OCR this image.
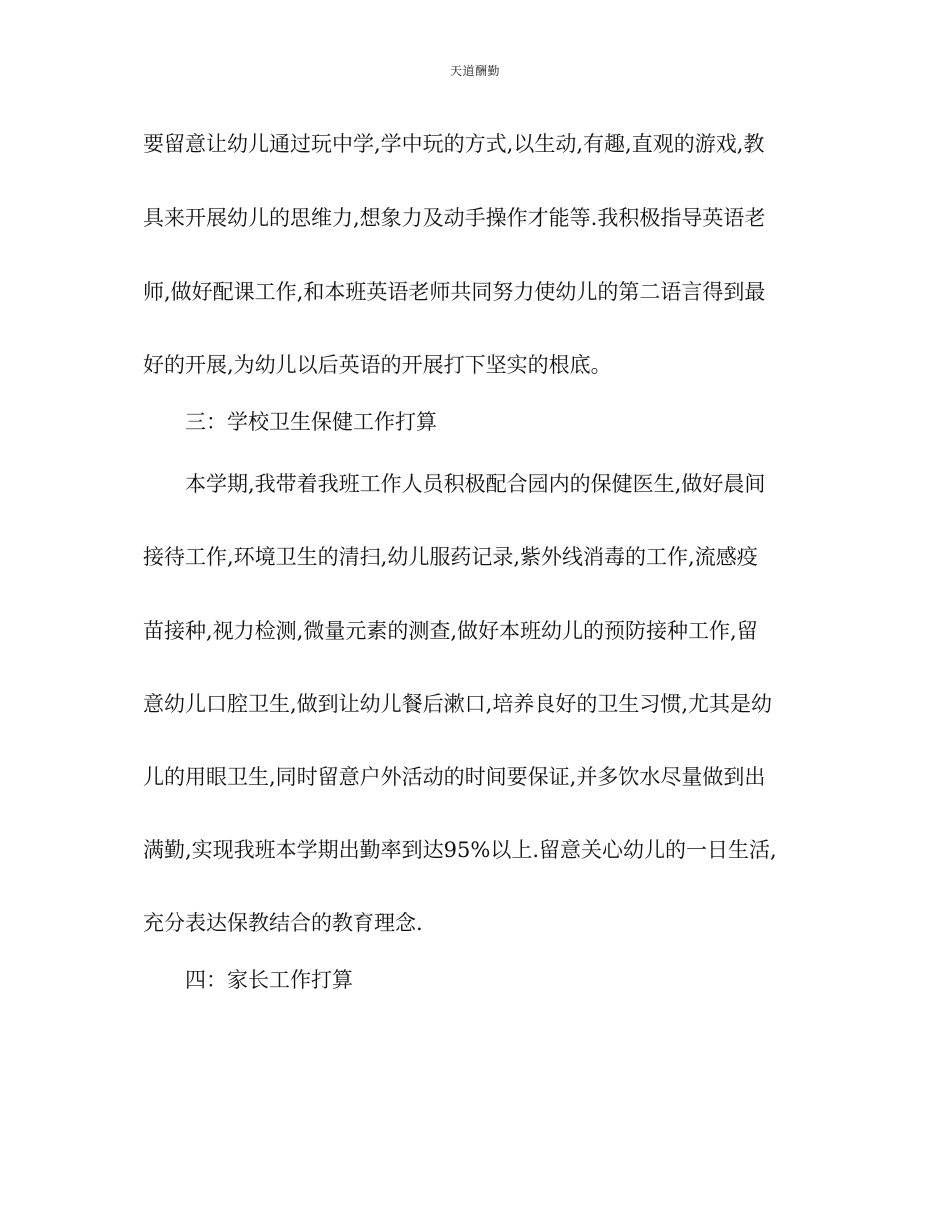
天道酬勤
要留意让幼儿通过玩中学,学中玩的方式,以生动,有趣,直观的游戏,教
具来开展幼儿的思维力,想象力及动手操作才能等.我积极指导英语老
师,做好配课工作,和本班英语老师共同努力使幼儿的第二语言得到最
好的开展,为幼儿以后英语的开展打下坚实的根底。
三：学校卫生保健工作打算
本学期,我带着我班工作人员积极配合园内的保健医生,做好晨间
接待工作,环境卫生的清扫,幼儿服药记录,紫外线消毒的工作,流感疫
苗接种,视力检测,微量元素的测查,做好本班幼儿的预防接种工作,留
意幼儿口腔卫生,做到让幼儿餐后漱口,培养良好的卫生习惯,尤其是幼
儿的用眼卫生,同时留意户外活动的时间要保证,并多饮水尽量做到出
满勤,实现我班本学期出勤率到达95%以上.留意关心幼儿的一日生活,
充分表达保教结合的教育理念.
四：家长工作打算
